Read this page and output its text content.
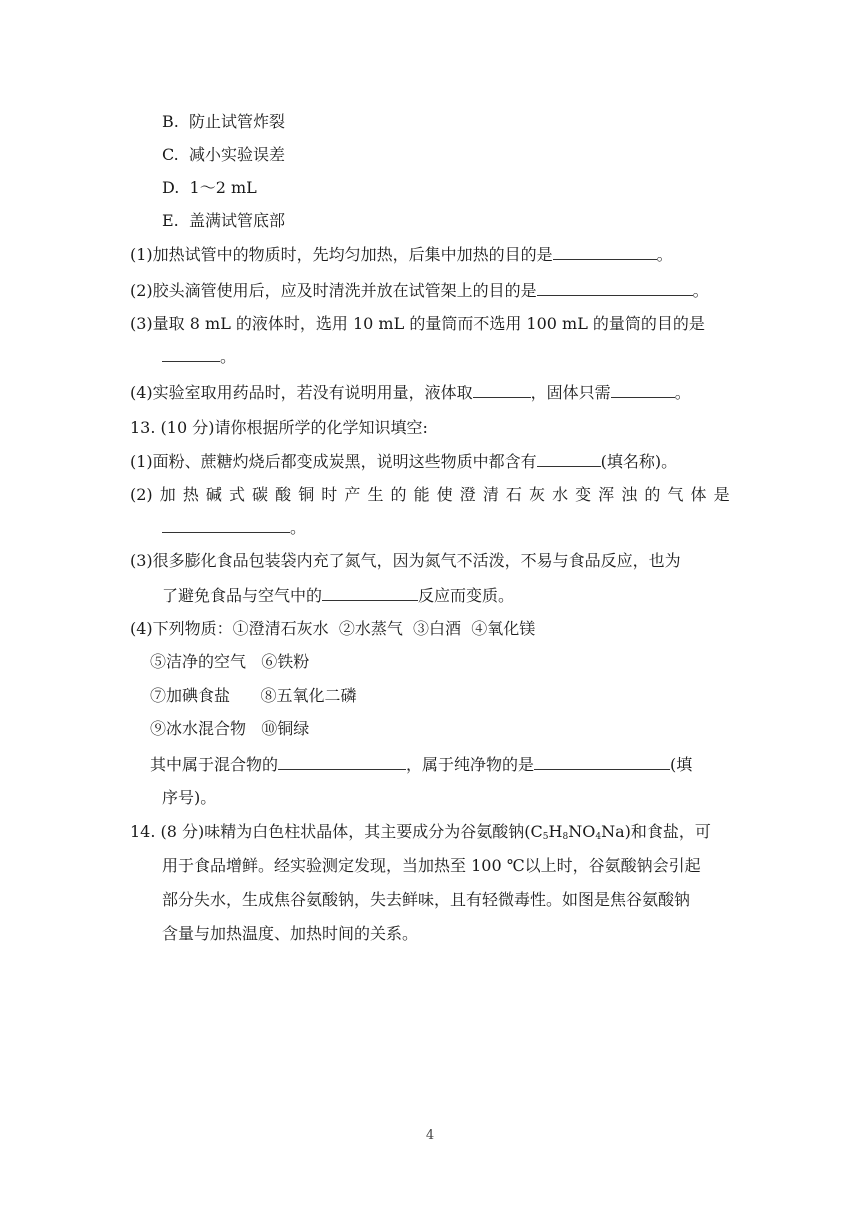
B. 防止试管炸裂
C. 减小实验误差
D. 1～2 mL
E. 盖满试管底部
(1)加热试管中的物质时，先均匀加热，后集中加热的目的是	。
(2)胶头滴管使用后，应及时清洗并放在试管架上的目的是	。
(3)量取 8 mL 的液体时，选用 10 mL 的量筒而不选用 100 mL 的量筒的目的是
。
(4)实验室取用药品时，若没有说明用量，液体取	，固体只需	。
13. (10 分)请你根据所学的化学知识填空:
(1)面粉、蔗糖灼烧后都变成炭黑，说明这些物质中都含有	(填名称)。
(2) 加 热 碱 式 碳 酸 铜 时 产 生 的 能 使 澄 清 石 灰 水 变 浑 浊 的 气 体 是
。
(3)很多膨化食品包装袋内充了氮气，因为氮气不活泼，不易与食品反应，也为
了避免食品与空气中的	反应而变质。
(4)下列物质：①澄清石灰水 ②水蒸气 ③白酒 ④氧化镁
⑤洁净的空气 ⑥铁粉
⑦加碘食盐 ⑧五氧化二磷
⑨冰水混合物 ⑩铜绿
其中属于混合物的	，属于纯净物的是	(填
序号)。
14. (8 分)味精为白色柱状晶体，其主要成分为谷氨酸钠$(C_5H_8NO_4Na)$和食盐，可
用于食品增鲜。经实验测定发现，当加热至 100 ℃以上时，谷氨酸钠会引起
部分失水，生成焦谷氨酸钠，失去鲜味，且有轻微毒性。如图是焦谷氨酸钠
含量与加热温度、加热时间的关系。
4
